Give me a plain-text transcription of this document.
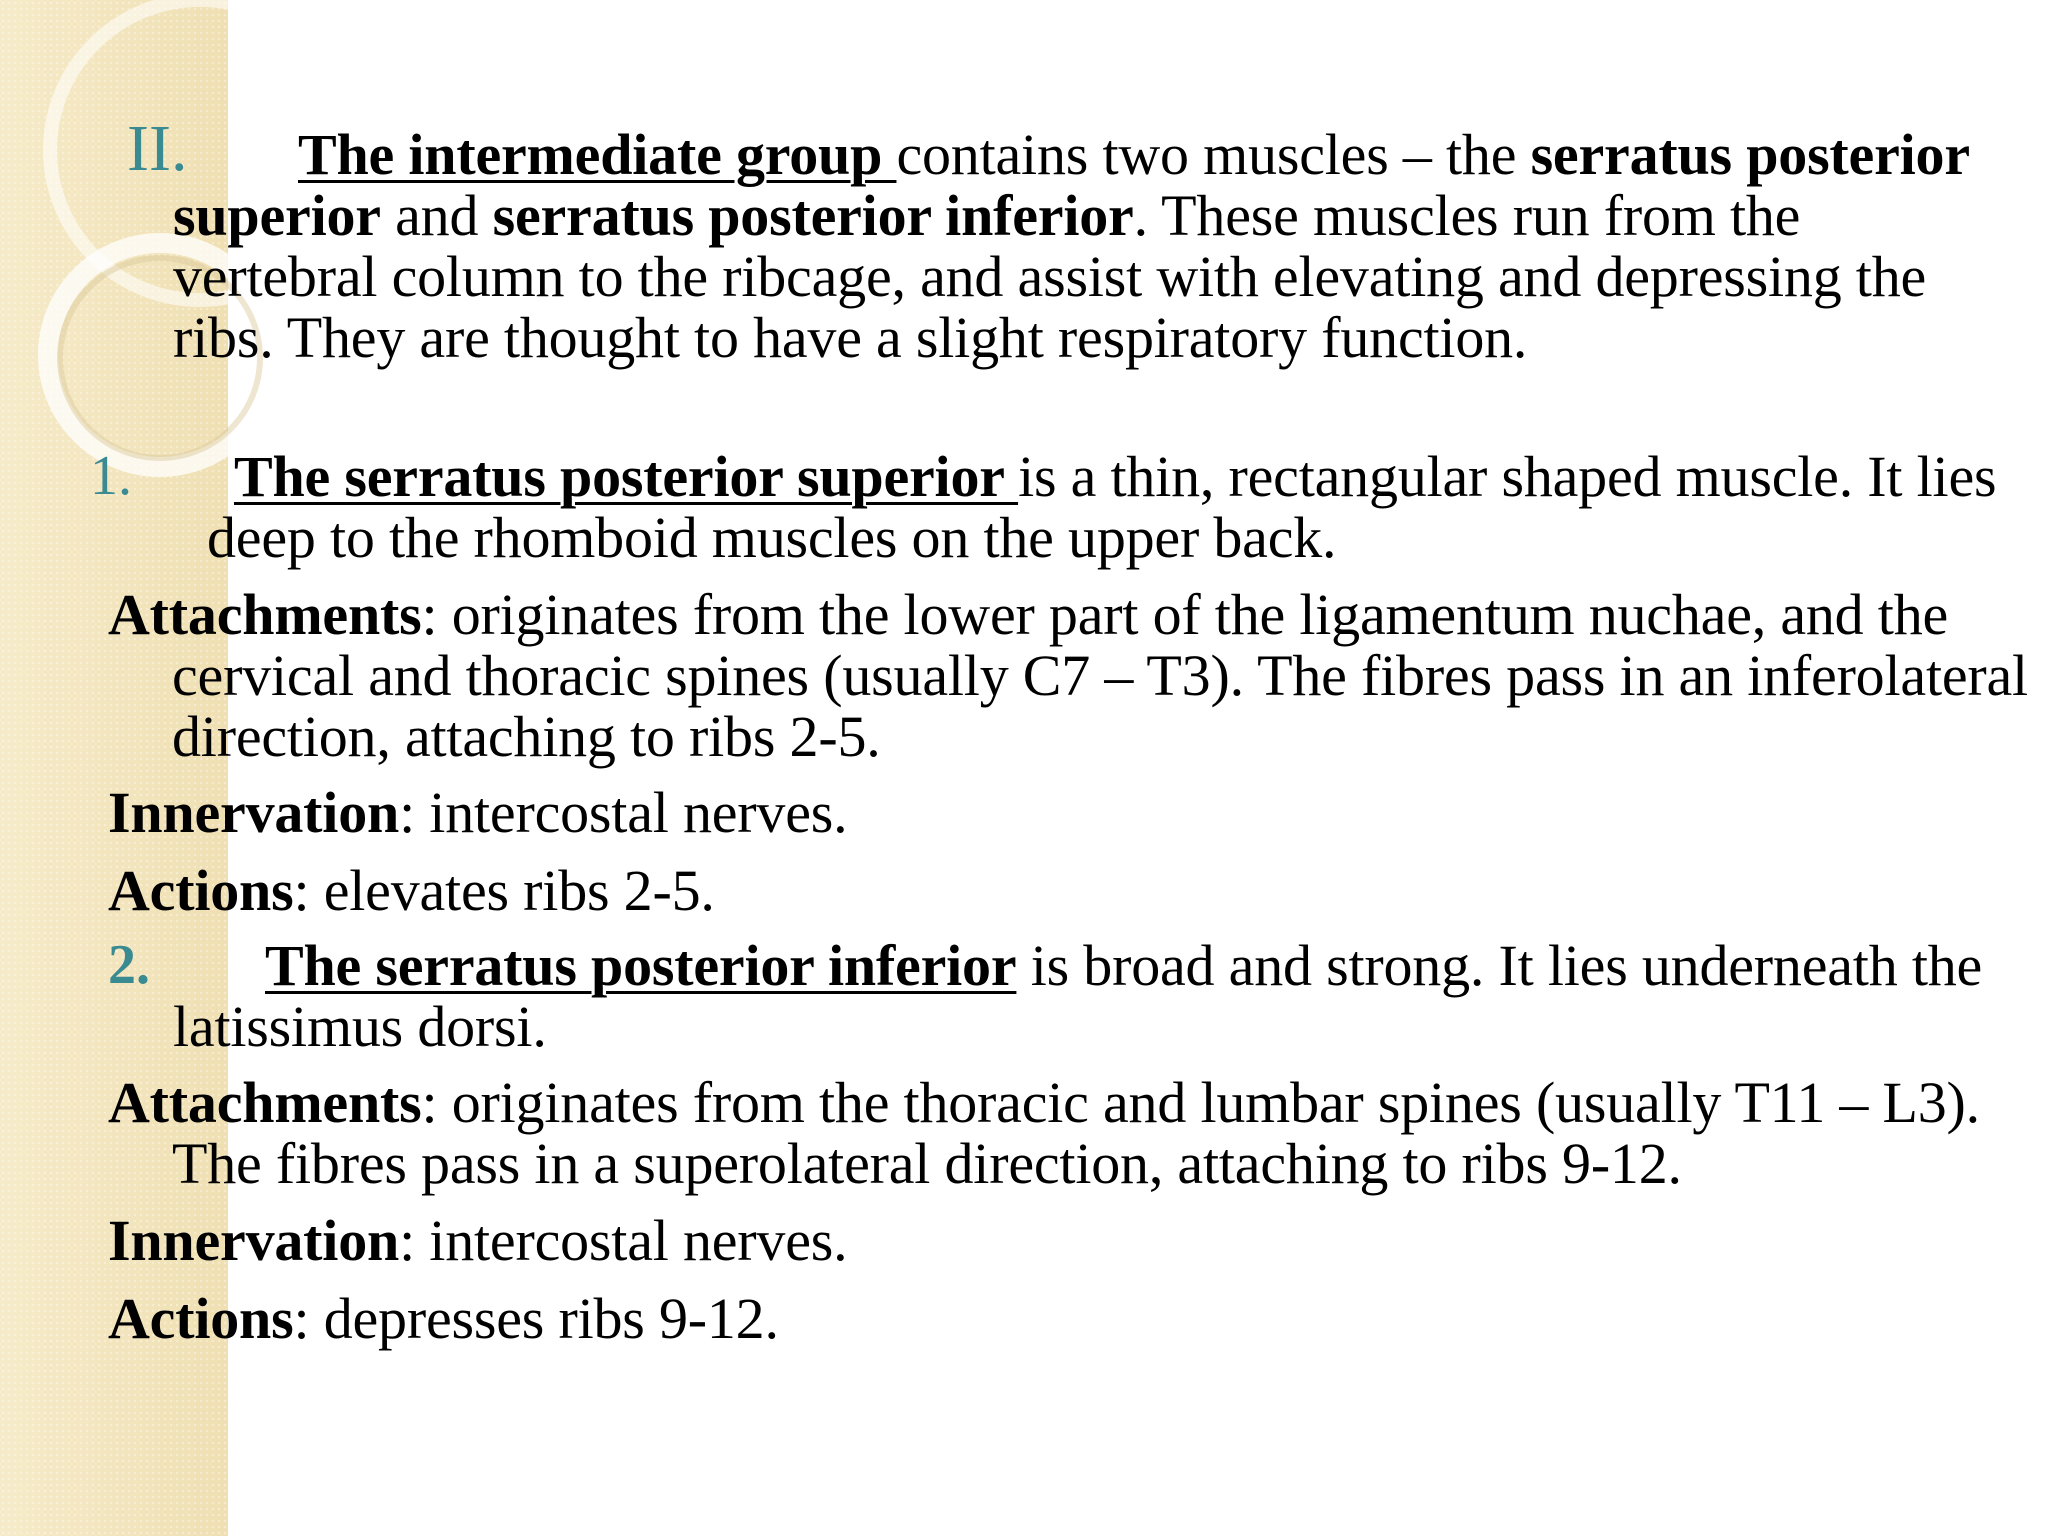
II.	The intermediate group contains two muscles – the serratus posterior superior and serratus posterior inferior. These muscles run from the vertebral column to the ribcage, and assist with elevating and depressing the ribs. They are thought to have a slight respiratory function.
1.	The serratus posterior superior is a thin, rectangular shaped muscle. It lies deep to the rhomboid muscles on the upper back.
Attachments: originates from the lower part of the ligamentum nuchae, and the cervical and thoracic spines (usually C7 – T3). The fibres pass in an inferolateral direction, attaching to ribs 2-5.
Innervation: intercostal nerves.
Actions: elevates ribs 2-5.
2.	The serratus posterior inferior is broad and strong. It lies underneath the latissimus dorsi.
Attachments: originates from the thoracic and lumbar spines (usually T11 – L3). The fibres pass in a superolateral direction, attaching to ribs 9-12.
Innervation: intercostal nerves.
Actions: depresses ribs 9-12.
